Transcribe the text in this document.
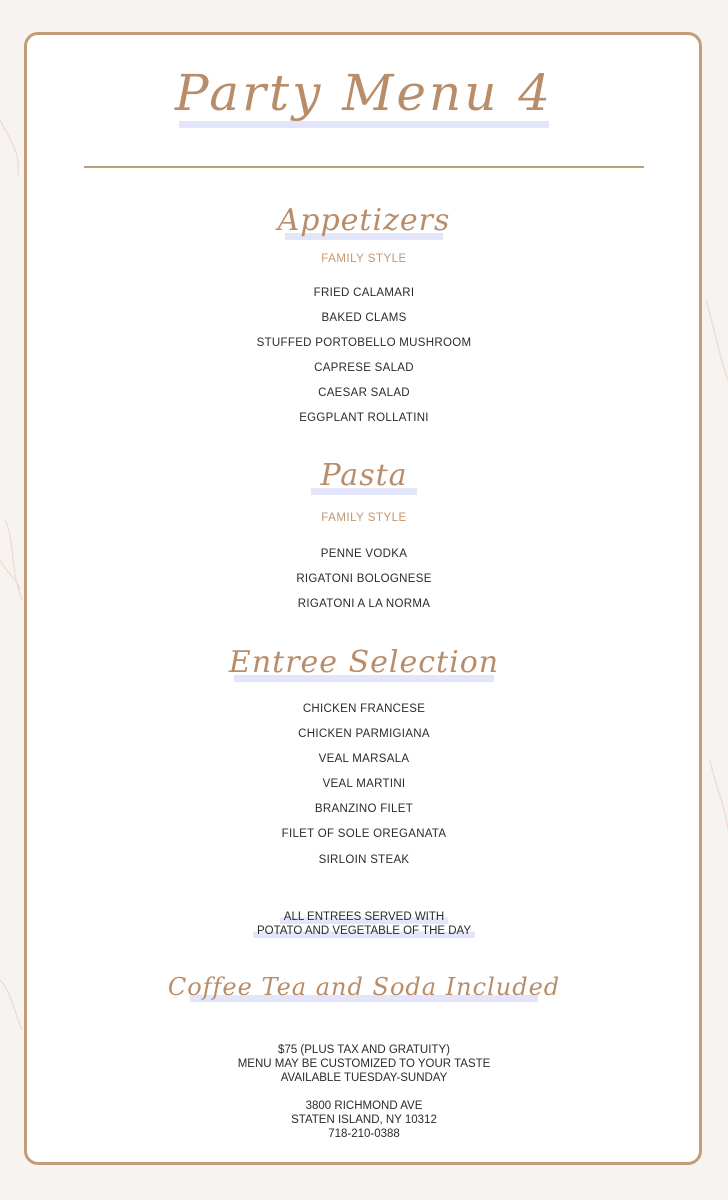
Party Menu 4
Appetizers
FAMILY STYLE
FRIED CALAMARI
BAKED CLAMS
STUFFED PORTOBELLO MUSHROOM
CAPRESE SALAD
CAESAR SALAD
EGGPLANT ROLLATINI
Pasta
FAMILY STYLE
PENNE VODKA
RIGATONI BOLOGNESE
RIGATONI A LA NORMA
Entree Selection
CHICKEN FRANCESE
CHICKEN PARMIGIANA
VEAL MARSALA
VEAL MARTINI
BRANZINO FILET
FILET OF SOLE OREGANATA
SIRLOIN STEAK
ALL ENTREES SERVED WITH
POTATO AND VEGETABLE OF THE DAY
Coffee Tea and Soda Included
$75 (PLUS TAX AND GRATUITY)
MENU MAY BE CUSTOMIZED TO YOUR TASTE
AVAILABLE TUESDAY-SUNDAY
3800 RICHMOND AVE
STATEN ISLAND, NY 10312
718-210-0388
